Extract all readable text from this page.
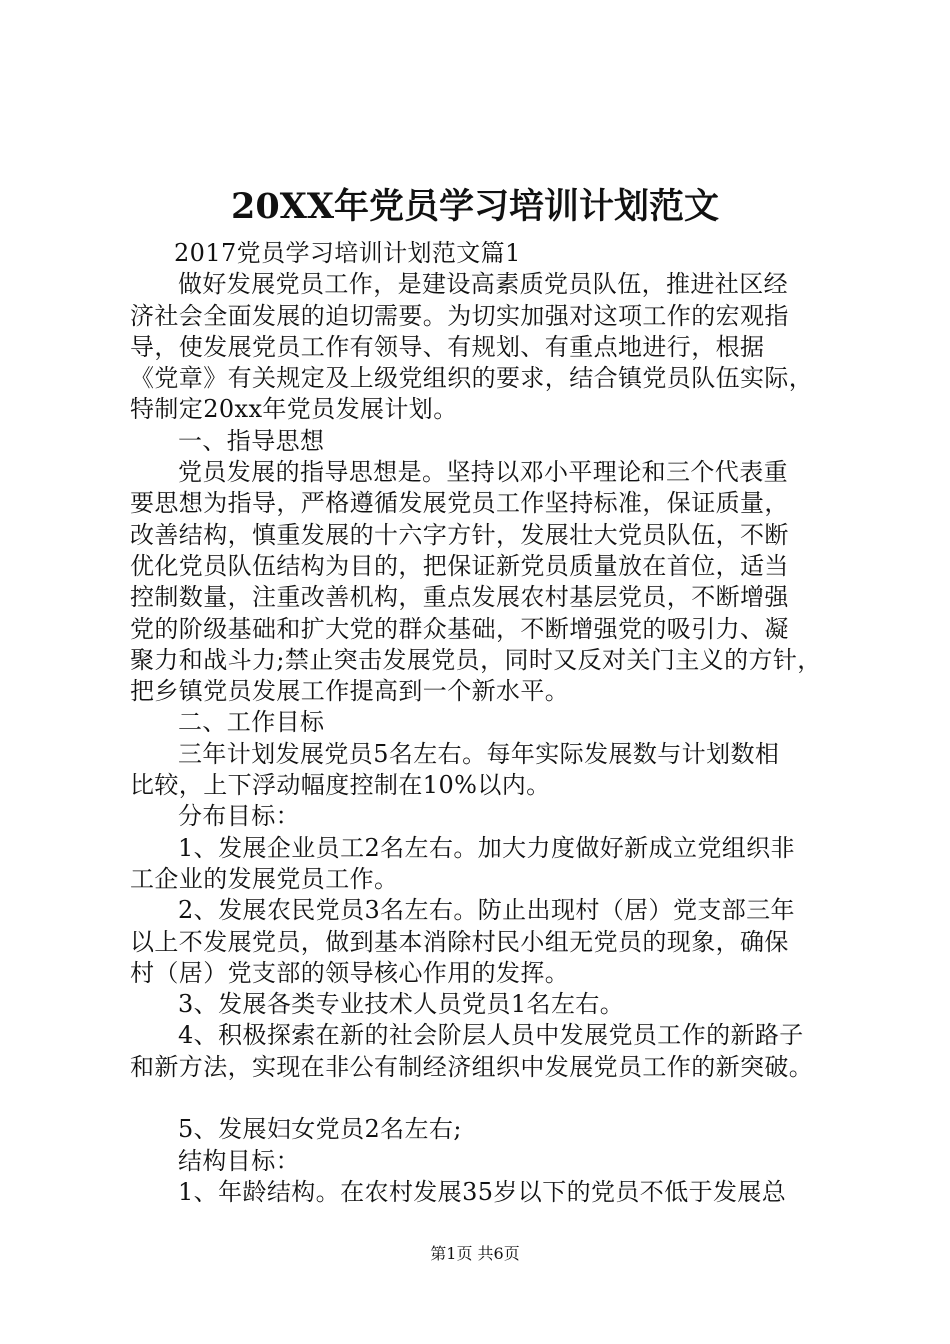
20XX年党员学习培训计划范文
2017党员学习培训计划范文篇1
做好发展党员工作，是建设高素质党员队伍，推进社区经
济社会全面发展的迫切需要。为切实加强对这项工作的宏观指
导，使发展党员工作有领导、有规划、有重点地进行，根据
《党章》有关规定及上级党组织的要求，结合镇党员队伍实际，
特制定20xx年党员发展计划。
一、指导思想
党员发展的指导思想是。坚持以邓小平理论和三个代表重
要思想为指导，严格遵循发展党员工作坚持标准，保证质量，
改善结构，慎重发展的十六字方针，发展壮大党员队伍，不断
优化党员队伍结构为目的，把保证新党员质量放在首位，适当
控制数量，注重改善机构，重点发展农村基层党员，不断增强
党的阶级基础和扩大党的群众基础，不断增强党的吸引力、凝
聚力和战斗力;禁止突击发展党员，同时又反对关门主义的方针，
把乡镇党员发展工作提高到一个新水平。
二、工作目标
三年计划发展党员5名左右。每年实际发展数与计划数相
比较，上下浮动幅度控制在10%以内。
分布目标：
1、发展企业员工2名左右。加大力度做好新成立党组织非
工企业的发展党员工作。
2、发展农民党员3名左右。防止出现村（居）党支部三年
以上不发展党员，做到基本消除村民小组无党员的现象，确保
村（居）党支部的领导核心作用的发挥。
3、发展各类专业技术人员党员1名左右。
4、积极探索在新的社会阶层人员中发展党员工作的新路子
和新方法，实现在非公有制经济组织中发展党员工作的新突破。
5、发展妇女党员2名左右;
结构目标：
1、年龄结构。在农村发展35岁以下的党员不低于发展总
第1页 共6页
